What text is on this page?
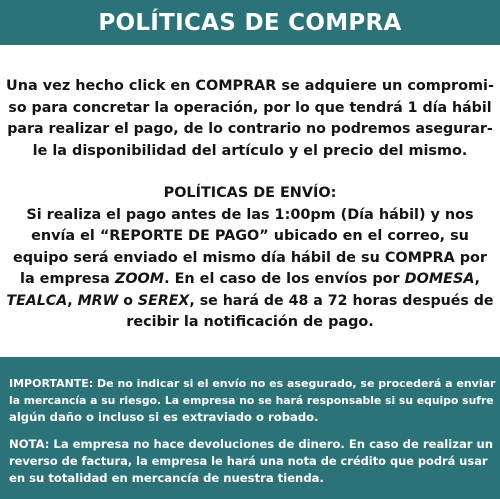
POLÍTICAS DE COMPRA
Una vez hecho click en COMPRAR se adquiere un compromi-
so para concretar la operación, por lo que tendrá 1 día hábil
para realizar el pago, de lo contrario no podremos asegurar-
le la disponibilidad del artículo y el precio del mismo.
POLÍTICAS DE ENVÍO:
Si realiza el pago antes de las 1:00pm (Día hábil) y nos
envía el “REPORTE DE PAGO” ubicado en el correo, su
equipo será enviado el mismo día hábil de su COMPRA por
la empresa ZOOM. En el caso de los envíos por DOMESA,
TEALCA, MRW o SEREX, se hará de 48 a 72 horas después de
recibir la notificación de pago.
IMPORTANTE: De no indicar si el envío no es asegurado, se procederá a enviar
la mercancía a su riesgo. La empresa no se hará responsable si su equipo sufre
algún daño o incluso si es extraviado o robado.
NOTA: La empresa no hace devoluciones de dinero. En caso de realizar un
reverso de factura, la empresa le hará una nota de crédito que podrá usar
en su totalidad en mercancía de nuestra tienda.
